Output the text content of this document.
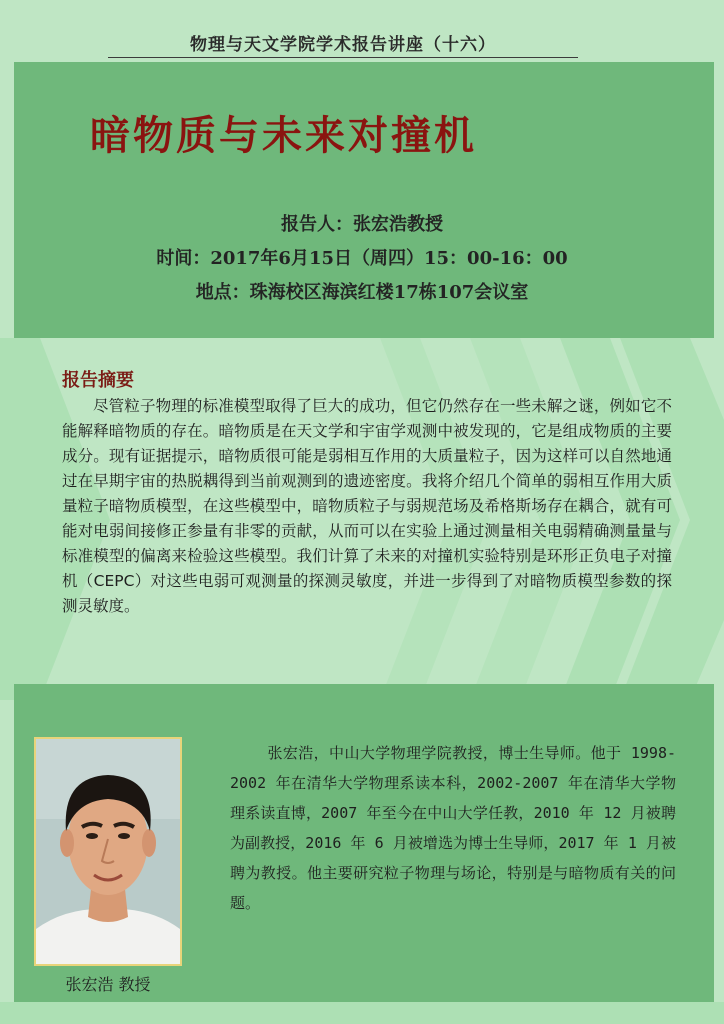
物理与天文学院学术报告讲座（十六）
暗物质与未来对撞机
报告人：张宏浩教授
时间：2017年6月15日（周四）15：00-16：00
地点：珠海校区海滨红楼17栋107会议室
报告摘要

尽管粒子物理的标准模型取得了巨大的成功，但它仍然存在一些未解之谜，例如它不能解释暗物质的存在。暗物质是在天文学和宇宙学观测中被发现的，它是组成物质的主要成分。现有证据提示，暗物质很可能是弱相互作用的大质量粒子，因为这样可以自然地通过在早期宇宙的热脱耦得到当前观测到的遗迹密度。我将介绍几个简单的弱相互作用大质量粒子暗物质模型，在这些模型中，暗物质粒子与弱规范场及希格斯场存在耦合，就有可能对电弱间接修正参量有非零的贡献，从而可以在实验上通过测量相关电弱精确测量量与标准模型的偏离来检验这些模型。我们计算了未来的对撞机实验特别是环形正负电子对撞机（CEPC）对这些电弱可观测量的探测灵敏度，并进一步得到了对暗物质模型参数的探测灵敏度。

张宏浩 教授

张宏浩，中山大学物理学院教授，博士生导师。他于 1998-2002 年在清华大学物理系读本科，2002-2007 年在清华大学物理系读直博，2007 年至今在中山大学任教，2010 年 12 月被聘为副教授，2016 年 6 月被增选为博士生导师，2017 年 1 月被聘为教授。他主要研究粒子物理与场论，特别是与暗物质有关的问题。
